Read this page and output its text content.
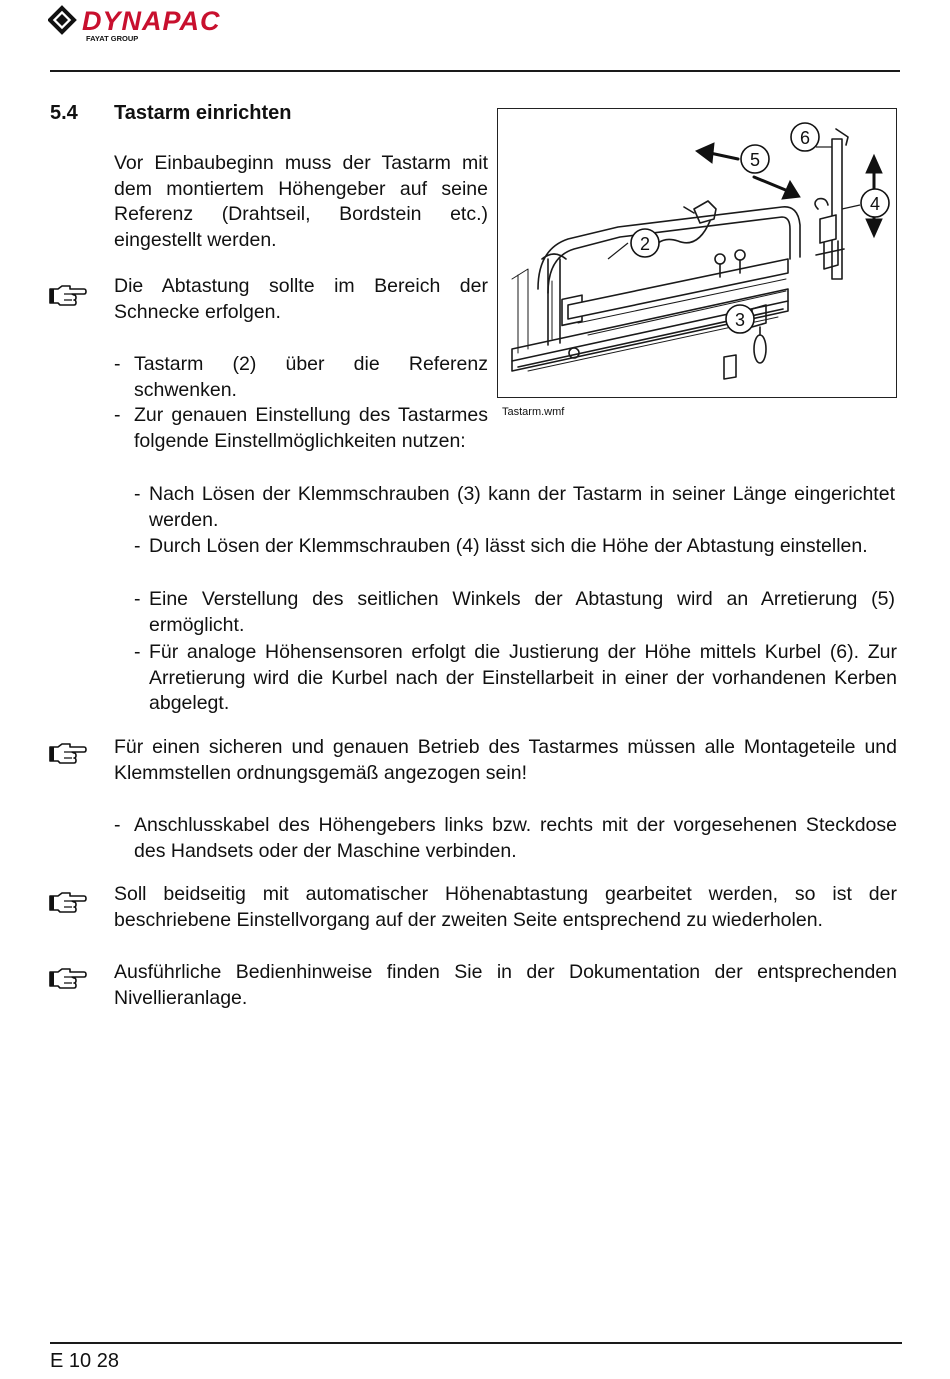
DYNAPAC
FAYAT GROUP
5.4 Tastarm einrichten
Vor Einbaubeginn muss der Tastarm mit dem montiertem Höhengeber auf seine Referenz (Drahtseil, Bordstein etc.) eingestellt werden.
Die Abtastung sollte im Bereich der Schnecke erfolgen.
- Tastarm (2) über die Referenz schwenken.
- Zur genauen Einstellung des Tastarmes folgende Einstellmöglichkeiten nutzen:
- Nach Lösen der Klemmschrauben (3) kann der Tastarm in seiner Länge eingerichtet werden.
- Durch Lösen der Klemmschrauben (4) lässt sich die Höhe der Abtastung einstellen.
- Eine Verstellung des seitlichen Winkels der Abtastung wird an Arretierung (5) ermöglicht.
- Für analoge Höhensensoren erfolgt die Justierung der Höhe mittels Kurbel (6). Zur Arretierung wird die Kurbel nach der Einstellarbeit in einer der vorhandenen Kerben abgelegt.
Für einen sicheren und genauen Betrieb des Tastarmes müssen alle Montageteile und Klemmstellen ordnungsgemäß angezogen sein!
- Anschlusskabel des Höhengebers links bzw. rechts mit der vorgesehenen Steckdose des Handsets oder der Maschine verbinden.
Soll beidseitig mit automatischer Höhenabtastung gearbeitet werden, so ist der beschriebene Einstellvorgang auf der zweiten Seite entsprechend zu wiederholen.
Ausführliche Bedienhinweise finden Sie in der Dokumentation der entsprechenden Nivellieranlage.
6
5
4
2
3
Tastarm.wmf
E 10 28
